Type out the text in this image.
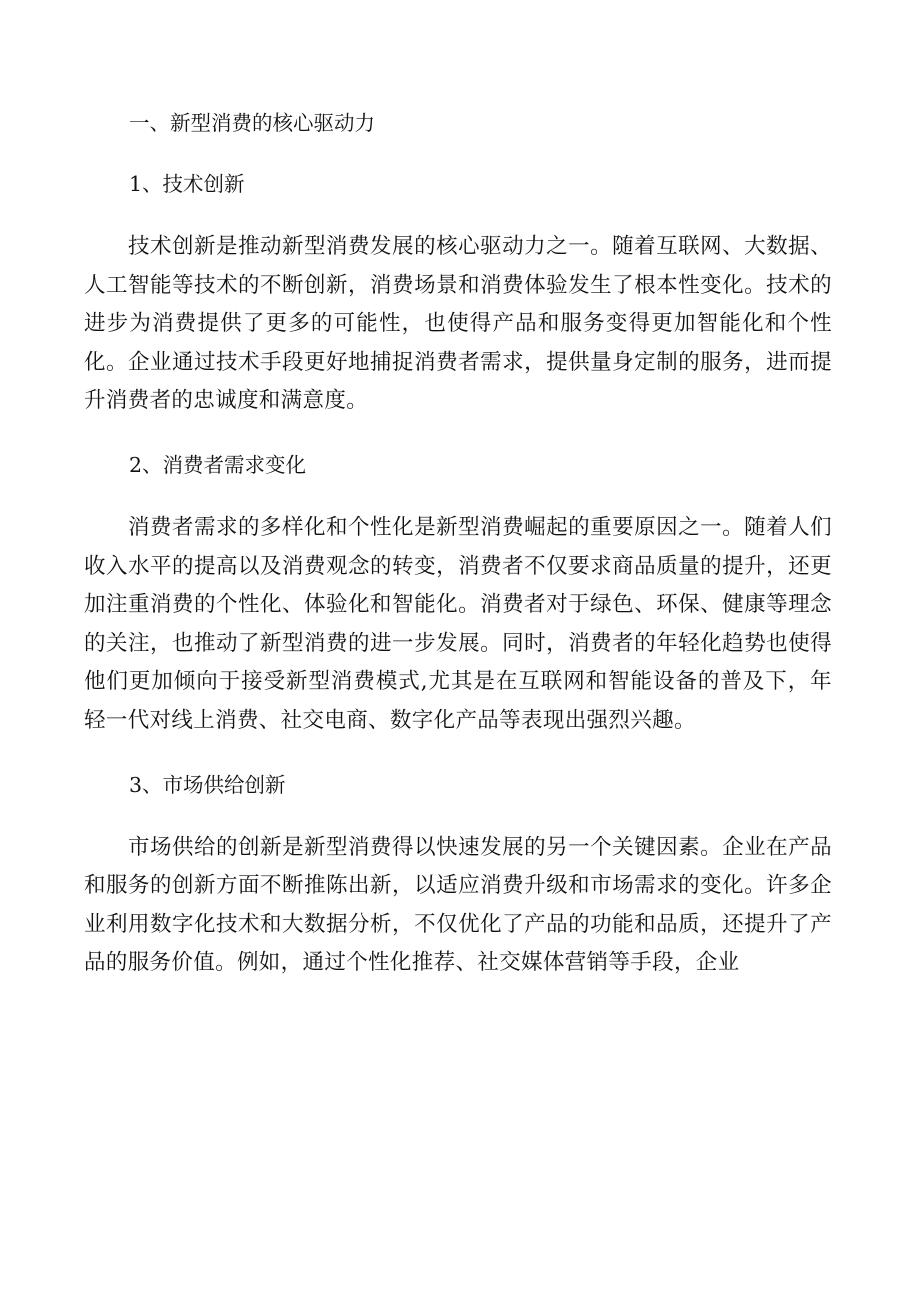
一、新型消费的核心驱动力

1、技术创新

技术创新是推动新型消费发展的核心驱动力之一。随着互联网、大数据、人工智能等技术的不断创新，消费场景和消费体验发生了根本性变化。技术的进步为消费提供了更多的可能性，也使得产品和服务变得更加智能化和个性化。企业通过技术手段更好地捕捉消费者需求，提供量身定制的服务，进而提升消费者的忠诚度和满意度。

2、消费者需求变化

消费者需求的多样化和个性化是新型消费崛起的重要原因之一。随着人们收入水平的提高以及消费观念的转变，消费者不仅要求商品质量的提升，还更加注重消费的个性化、体验化和智能化。消费者对于绿色、环保、健康等理念的关注，也推动了新型消费的进一步发展。同时，消费者的年轻化趋势也使得他们更加倾向于接受新型消费模式,尤其是在互联网和智能设备的普及下，年轻一代对线上消费、社交电商、数字化产品等表现出强烈兴趣。

3、市场供给创新

市场供给的创新是新型消费得以快速发展的另一个关键因素。企业在产品和服务的创新方面不断推陈出新，以适应消费升级和市场需求的变化。许多企业利用数字化技术和大数据分析，不仅优化了产品的功能和品质，还提升了产品的服务价值。例如，通过个性化推荐、社交媒体营销等手段，企业
